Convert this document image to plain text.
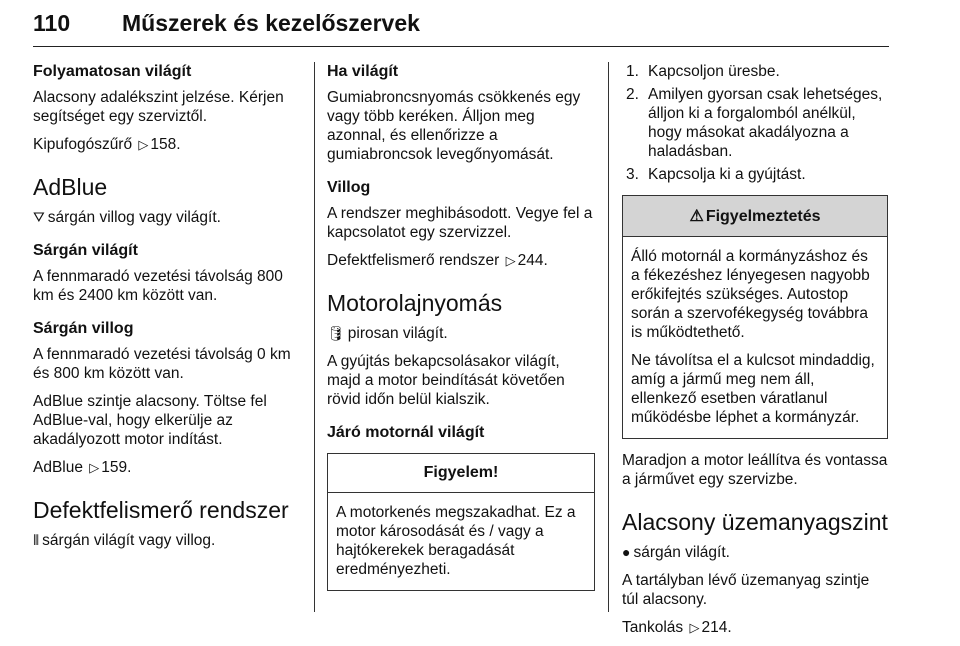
110 Műszerek és kezelőszervek
Folyamatosan világít
Alacsony adalékszint jelzése. Kérjen segítséget egy szerviztől.
Kipufogószűrő ▷ 158.
AdBlue
⛛ sárgán villog vagy világít.
Sárgán világít
A fennmaradó vezetési távolság 800 km és 2400 km között van.
Sárgán villog
A fennmaradó vezetési távolság 0 km és 800 km között van.
AdBlue szintje alacsony. Töltse fel AdBlue-val, hogy elkerülje az akadályozott motor indítást.
AdBlue ▷ 159.
Defektfelismerő rendszer
⦀ sárgán világít vagy villog.
Ha világít
Gumiabroncsnyomás csökkenés egy vagy több keréken. Álljon meg azonnal, és ellenőrizze a gumiabroncsok levegőnyomását.
Villog
A rendszer meghibásodott. Vegye fel a kapcsolatot egy szervizzel.
Defektfelismerő rendszer ▷ 244.
Motorolajnyomás
🛢 pirosan világít.
A gyújtás bekapcsolásakor világít, majd a motor beindítását követően rövid időn belül kialszik.
Járó motornál világít
Figyelem!
A motorkenés megszakadhat. Ez a motor károsodását és / vagy a hajtókerekek beragadását eredményezheti.
1. Kapcsoljon üresbe.
2. Amilyen gyorsan csak lehetséges, álljon ki a forgalomból anélkül, hogy másokat akadályozna a haladásban.
3. Kapcsolja ki a gyújtást.
⚠ Figyelmeztetés
Álló motornál a kormányzáshoz és a fékezéshez lényegesen nagyobb erőkifejtés szükséges. Autostop során a szervofékegység továbbra is működtethető.
Ne távolítsa el a kulcsot mindaddig, amíg a jármű meg nem áll, ellenkező esetben váratlanul működésbe léphet a kormányzár.
Maradjon a motor leállítva és vontassa a járművet egy szervizbe.
Alacsony üzemanyagszint
● sárgán világít.
A tartályban lévő üzemanyag szintje túl alacsony.
Tankolás ▷ 214.
